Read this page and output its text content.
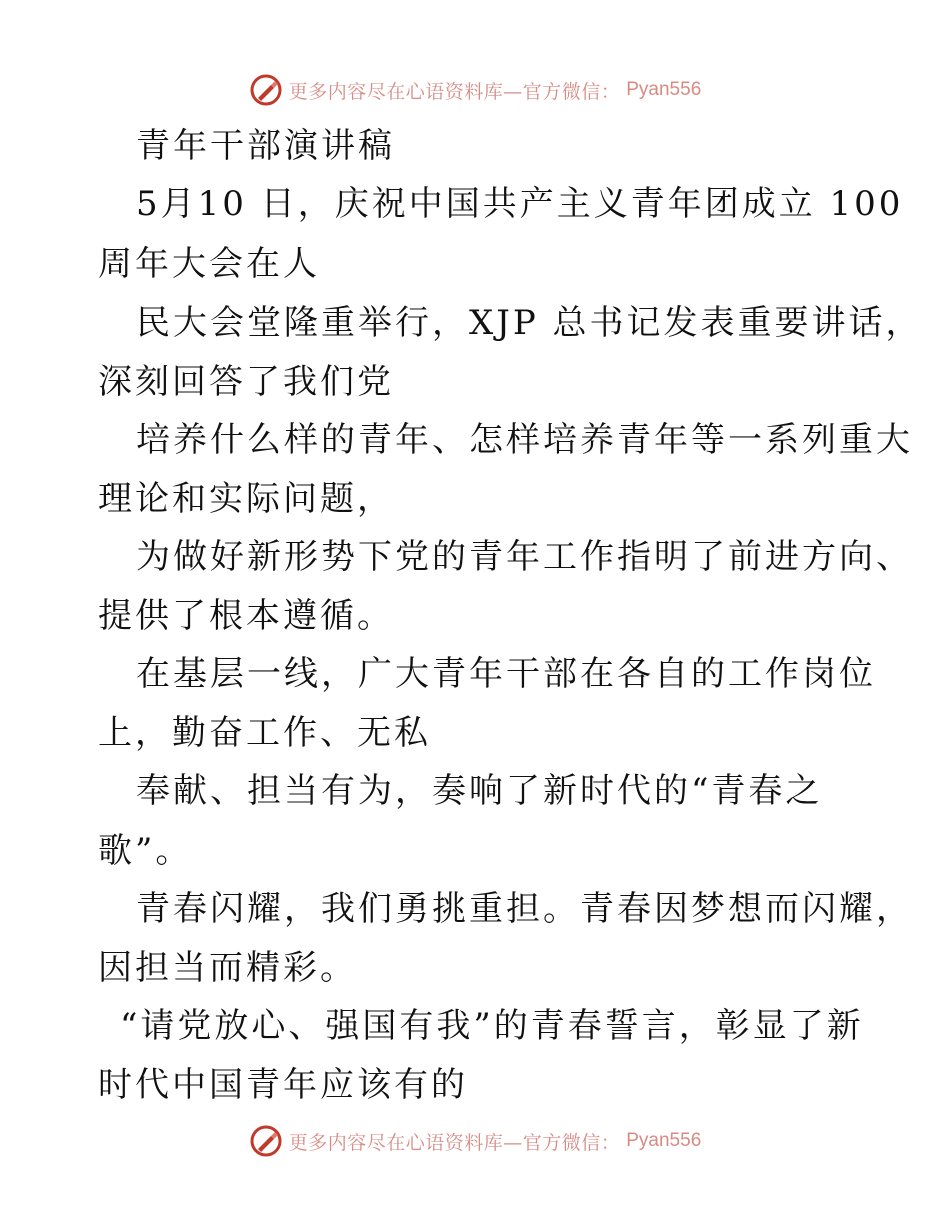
更多内容尽在心语资料库—官方微信： Pyan556
青年干部演讲稿
5月10 日，庆祝中国共产主义青年团成立 100
周年大会在人
民大会堂隆重举行，XJP 总书记发表重要讲话，
深刻回答了我们党
培养什么样的青年、怎样培养青年等一系列重大
理论和实际问题，
为做好新形势下党的青年工作指明了前进方向、
提供了根本遵循。
在基层一线，广大青年干部在各自的工作岗位
上，勤奋工作、无私
奉献、担当有为，奏响了新时代的“青春之
歌”。
青春闪耀，我们勇挑重担。青春因梦想而闪耀，
因担当而精彩。
“请党放心、强国有我”的青春誓言，彰显了新
时代中国青年应该有的
更多内容尽在心语资料库—官方微信： Pyan556
